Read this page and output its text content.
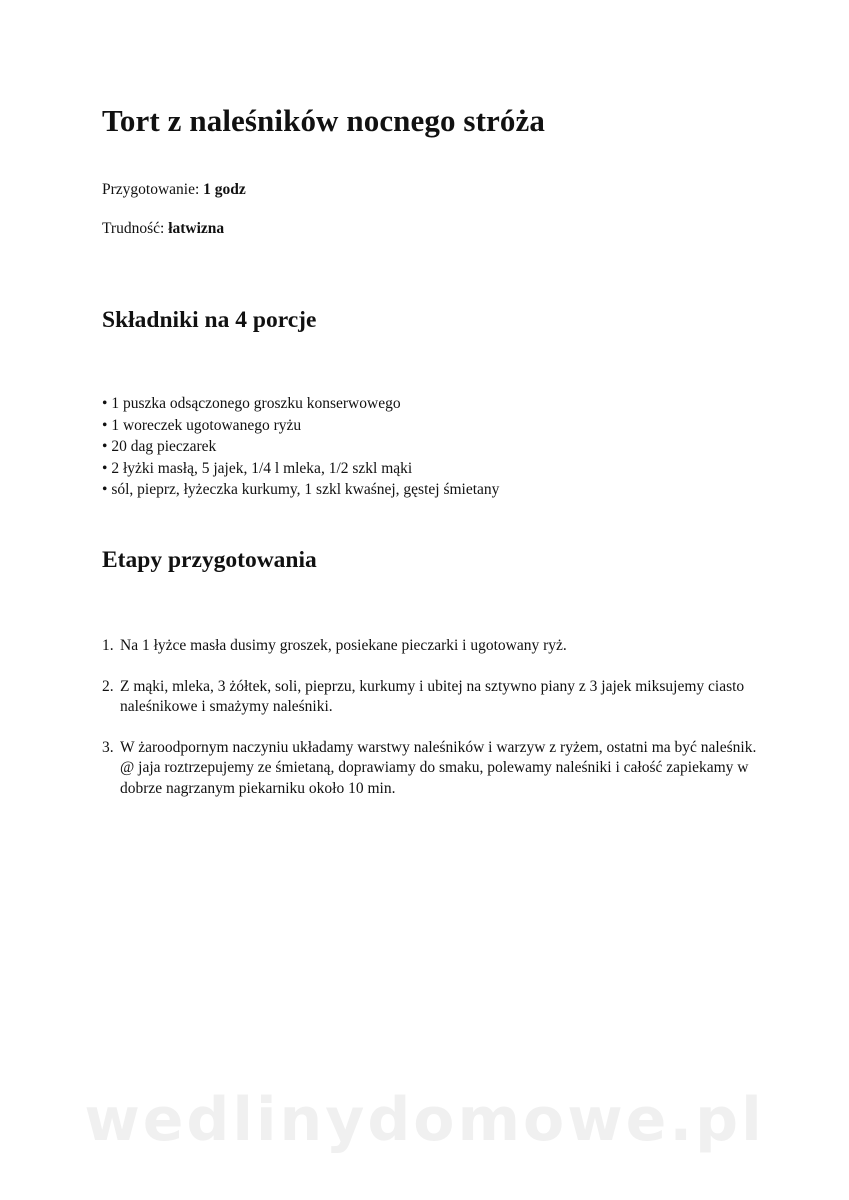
Tort z naleśników nocnego stróża

Przygotowanie: 1 godz

Trudność: łatwizna

Składniki na 4 porcje
• 1 puszka odsączonego groszku konserwowego
• 1 woreczek ugotowanego ryżu
• 20 dag pieczarek
• 2 łyżki masłą, 5 jajek, 1/4 l mleka, 1/2 szkl mąki
• sól, pieprz, łyżeczka kurkumy, 1 szkl kwaśnej, gęstej śmietany
Etapy przygotowania
1. Na 1 łyżce masła dusimy groszek, posiekane pieczarki i ugotowany ryż.
2. Z mąki, mleka, 3 żółtek, soli, pieprzu, kurkumy i ubitej na sztywno piany z 3 jajek miksujemy ciasto naleśnikowe i smażymy naleśniki.
3. W żaroodpornym naczyniu układamy warstwy naleśników i warzyw z ryżem, ostatni ma być naleśnik. @ jaja roztrzepujemy ze śmietaną, doprawiamy do smaku, polewamy naleśniki i całość zapiekamy w dobrze nagrzanym piekarniku około 10 min.
wedlinydomowe.pl
